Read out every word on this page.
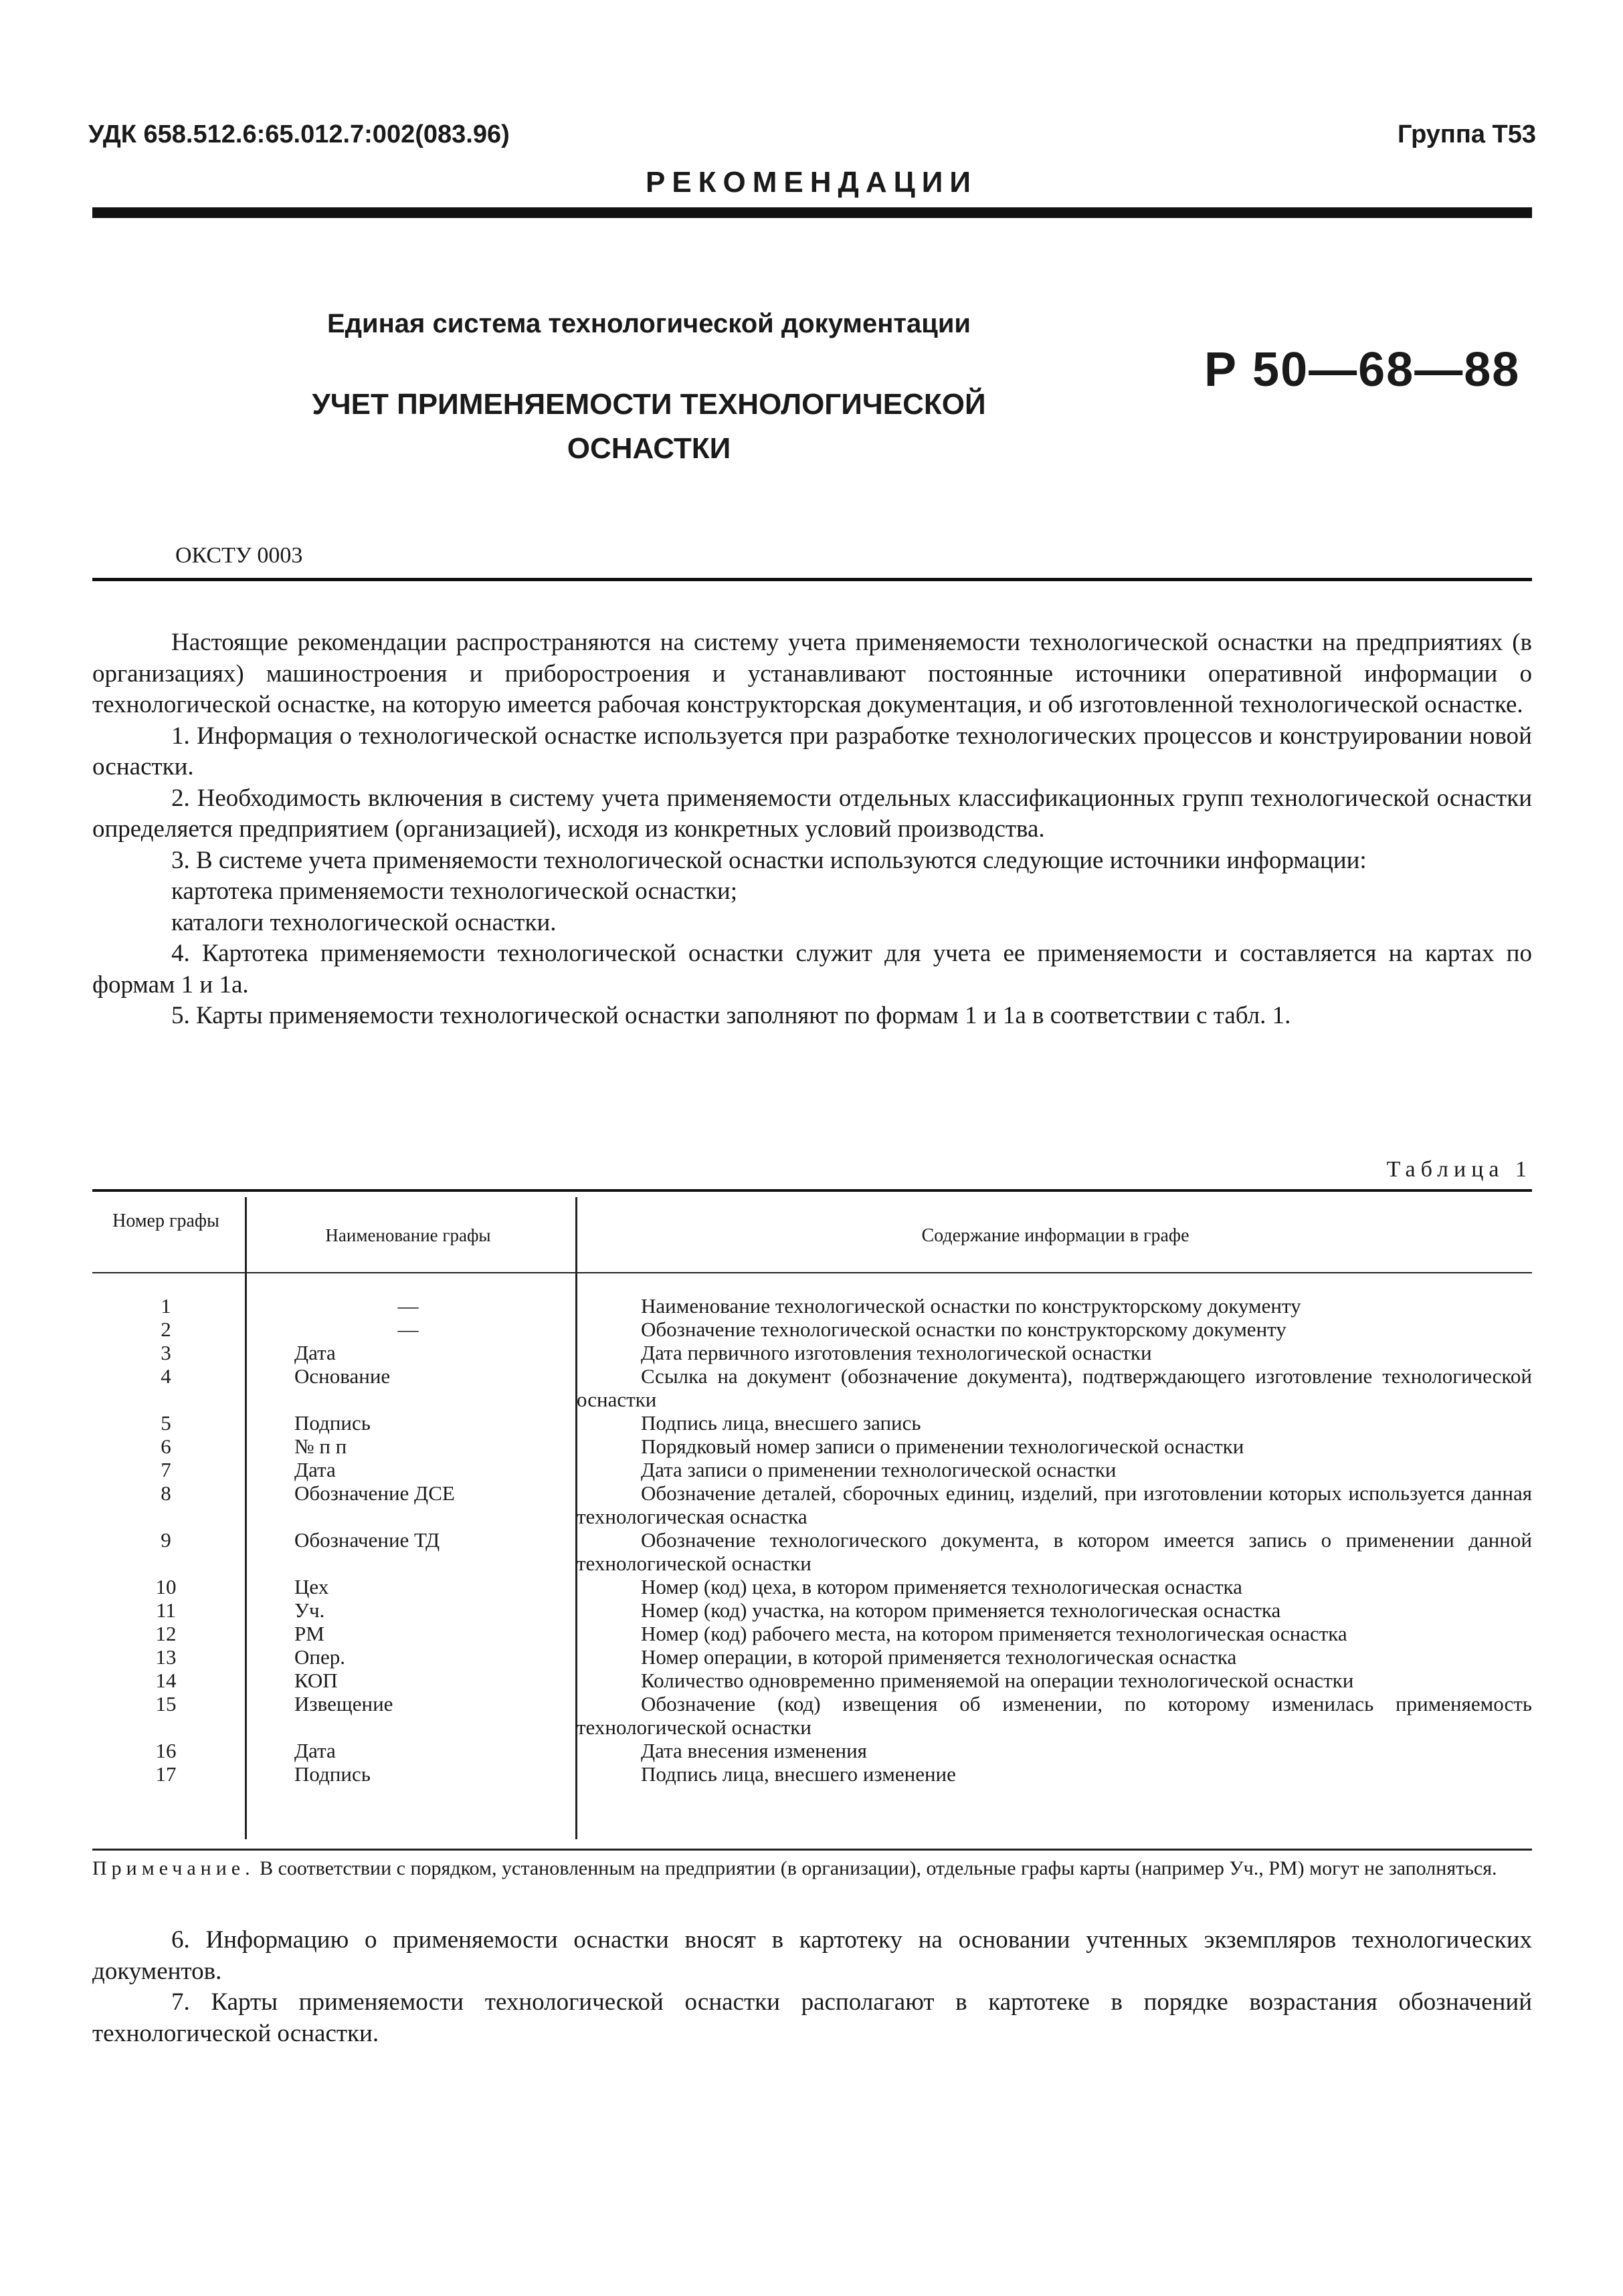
УДК 658.512.6:65.012.7:002(083.96)	Группа Т53
РЕКОМЕНДАЦИИ
Единая система технологической документации
УЧЕТ ПРИМЕНЯЕМОСТИ ТЕХНОЛОГИЧЕСКОЙ
ОСНАСТКИ
Р 50—68—88
ОКСТУ 0003

Настоящие рекомендации распространяются на систему учета применяемости технологической оснастки на предприятиях (в организациях) машиностроения и приборостроения и устанавливают постоянные источники оперативной информации о технологической оснастке, на которую имеется рабочая конструкторская документация, и об изготовленной технологической оснастке.

1. Информация о технологической оснастке используется при разработке технологических процессов и конструировании новой оснастки.

2. Необходимость включения в систему учета применяемости отдельных классификационных групп технологической оснастки определяется предприятием (организацией), исходя из конкретных условий производства.

3. В системе учета применяемости технологической оснастки используются следующие источники информации:

картотека применяемости технологической оснастки;

каталоги технологической оснастки.

4. Картотека применяемости технологической оснастки служит для учета ее применяемости и составляется на картах по формам 1 и 1а.

5. Карты применяемости технологической оснастки заполняют по формам 1 и 1а в соответствии с табл. 1.

Таблица 1
Номер графы
Наименование графы	Содержание информации в графе
1	—	Наименование технологической оснастки по конструкторскому документу
2	—	Обозначение технологической оснастки по конструкторскому документу
3	Дата	Дата первичного изготовления технологической оснастки
4	Основание	Ссылка на документ (обозначение документа), подтверждающего изготовление технологической оснастки
5	Подпись	Подпись лица, внесшего запись
6	№ п п	Порядковый номер записи о применении технологической оснастки
7	Дата	Дата записи о применении технологической оснастки
8	Обозначение ДСЕ	Обозначение деталей, сборочных единиц, изделий, при изготовлении которых используется данная технологическая оснастка
9	Обозначение ТД	Обозначение технологического документа, в котором имеется запись о применении данной технологической оснастки
10	Цех	Номер (код) цеха, в котором применяется технологическая оснастка
11	Уч.	Номер (код) участка, на котором применяется технологическая оснастка
12	РМ	Номер (код) рабочего места, на котором применяется технологическая оснастка
13	Опер.	Номер операции, в которой применяется технологическая оснастка
14	КОП	Количество одновременно применяемой на операции технологической оснастки
15	Извещение	Обозначение (код) извещения об изменении, по которому изменилась применяемость технологической оснастки
16	Дата	Дата внесения изменения
17	Подпись	Подпись лица, внесшего изменение
Примечание. В соответствии с порядком, установленным на предприятии (в организации), отдельные графы карты (например Уч., РМ) могут не заполняться.

6. Информацию о применяемости оснастки вносят в картотеку на основании учтенных экземпляров технологических документов.

7. Карты применяемости технологической оснастки располагают в картотеке в порядке возрастания обозначений технологической оснастки.
